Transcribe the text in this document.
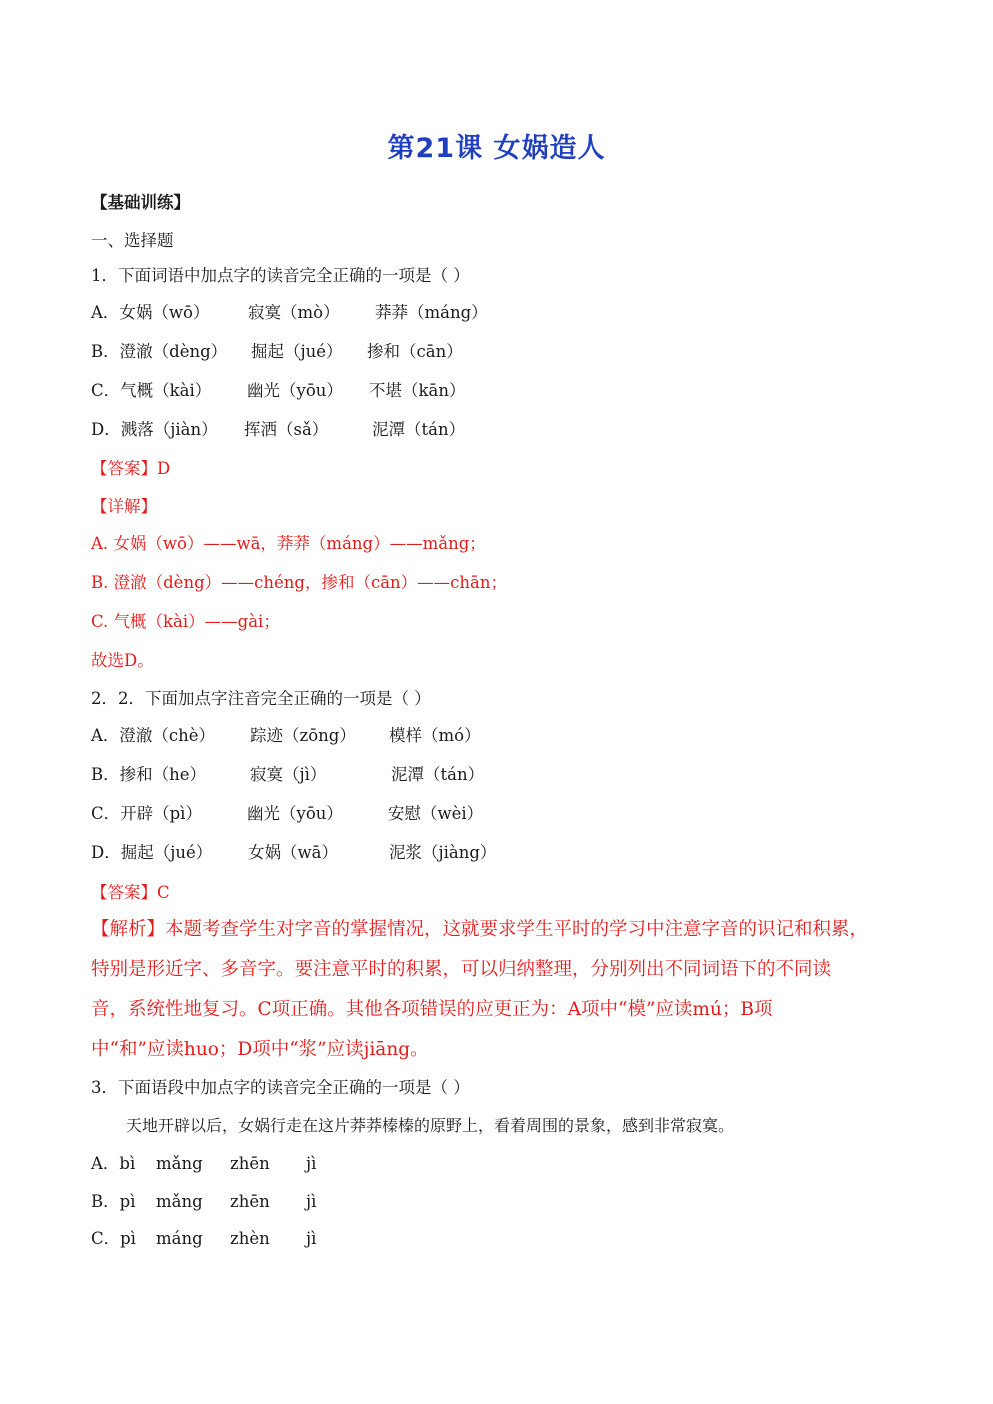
第21课 女娲造人
【基础训练】
一、选择题
1．下面词语中加点字的读音完全正确的一项是（ ）
A．女娲（wō） 寂寞（mò） 莽莽（máng）
B．澄澈（dèng） 掘起（jué） 掺和（cān）
C．气概（kài） 幽光（yōu） 不堪（kān）
D．溅落（jiàn） 挥洒（sǎ）	泥潭（tán）
【答案】D
【详解】
A. 女娲（wō）——wā，莽莽（máng）——mǎng；
B. 澄澈（dèng）——chéng，掺和（cān）——chān；
C. 气概（kài）——gài；
故选D。
2．2．下面加点字注音完全正确的一项是（ ）
A．澄澈（chè） 踪迹（zōng） 模样（mó）
B．掺和（he）	寂寞（jì）	泥潭（tán）
C．开辟（pì）	幽光（yōu）	安慰（wèi）
D．掘起（jué） 女娲（wā）	泥浆（jiàng）
【答案】C
【解析】本题考查学生对字音的掌握情况，这就要求学生平时的学习中注意字音的识记和积累，
特别是形近字、多音字。要注意平时的积累，可以归纳整理，分别列出不同词语下的不同读
音，系统性地复习。C项正确。其他各项错误的应更正为：A项中“模”应读mú；B项
中“和”应读huo；D项中“浆”应读jiāng。
3．下面语段中加点字的读音完全正确的一项是（ ）
天地开辟以后，女娲行走在这片莽莽榛榛的原野上，看着周围的景象，感到非常寂寞。
A．bì mǎng zhēn jì
B．pì mǎng zhēn jì
C．pì máng zhèn jì
